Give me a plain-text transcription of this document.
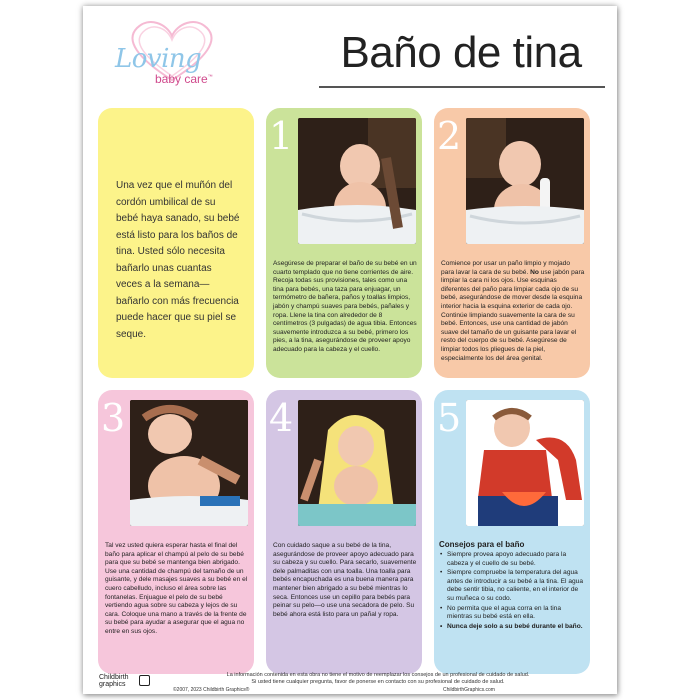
Loving
baby care™	Baño de tina

Una vez que el muñón del cordón umbilical de su bebé haya sanado, su bebé está listo para los baños de tina. Usted sólo necesita bañarlo unas cuantas veces a la semana—bañarlo con más frecuencia puede hacer que su piel se seque.

1

Asegúrese de preparar el baño de su bebé en un cuarto templado que no tiene corrientes de aire. Recoja todas sus provisiones, tales como una tina para bebés, una taza para enjuagar, un termómetro de bañera, paños y toallas limpios, jabón y champú suaves para bebés, pañales y ropa. Llene la tina con alrededor de 8 centímetros (3 pulgadas) de agua tibia. Entonces suavemente introduzca a su bebé, primero los pies, a la tina, asegurándose de proveer apoyo adecuado para la cabeza y el cuello.

2

Comience por usar un paño limpio y mojado para lavar la cara de su bebé. No use jabón para limpiar la cara ni los ojos. Use esquinas diferentes del paño para limpiar cada ojo de su bebé, asegurándose de mover desde la esquina interior hacia la esquina exterior de cada ojo. Continúe limpiando suavemente la cara de su bebé. Entonces, use una cantidad de jabón suave del tamaño de un guisante para lavar el resto del cuerpo de su bebé. Asegúrese de limpiar todos los pliegues de la piel, especialmente los del área genital.

3

Tal vez usted quiera esperar hasta el final del baño para aplicar el champú al pelo de su bebé para que su bebé se mantenga bien abrigado. Use una cantidad de champú del tamaño de un guisante, y dele masajes suaves a su bebé en el cuero cabelludo, incluso el área sobre las fontanelas. Enjuague el pelo de su bebé vertiendo agua sobre su cabeza y lejos de su cara. Coloque una mano a través de la frente de su bebé para ayudar a asegurar que el agua no entre en sus ojos.

4

Con cuidado saque a su bebé de la tina, asegurándose de proveer apoyo adecuado para su cabeza y su cuello. Para secarlo, suavemente dele palmaditas con una toalla. Una toalla para bebés encapuchada es una buena manera para mantener bien abrigado a su bebé mientras lo seca. Entonces use un cepillo para bebés para peinar su pelo—o use una secadora de pelo. Su bebé ahora está listo para un pañal y ropa.

5
Consejos para el baño
• Siempre provea apoyo adecuado para la cabeza y el cuello de su bebé.
• Siempre compruebe la temperatura del agua antes de introducir a su bebé a la tina. El agua debe sentir tibia, no caliente, en el interior de su muñeca o su codo.
• No permita que el agua corra en la tina mientras su bebé está en ella.
• Nunca deje solo a su bebé durante el baño.
Childbirth
graphics
La información contenida en esta obra no tiene el motivo de reemplazar los consejos de un profesional de cuidado de salud.
Si usted tiene cualquier pregunta, favor de ponerse en contacto con su profesional de cuidado de salud.
©2007, 2023 Childbirth Graphics®	ChildbirthGraphics.com
